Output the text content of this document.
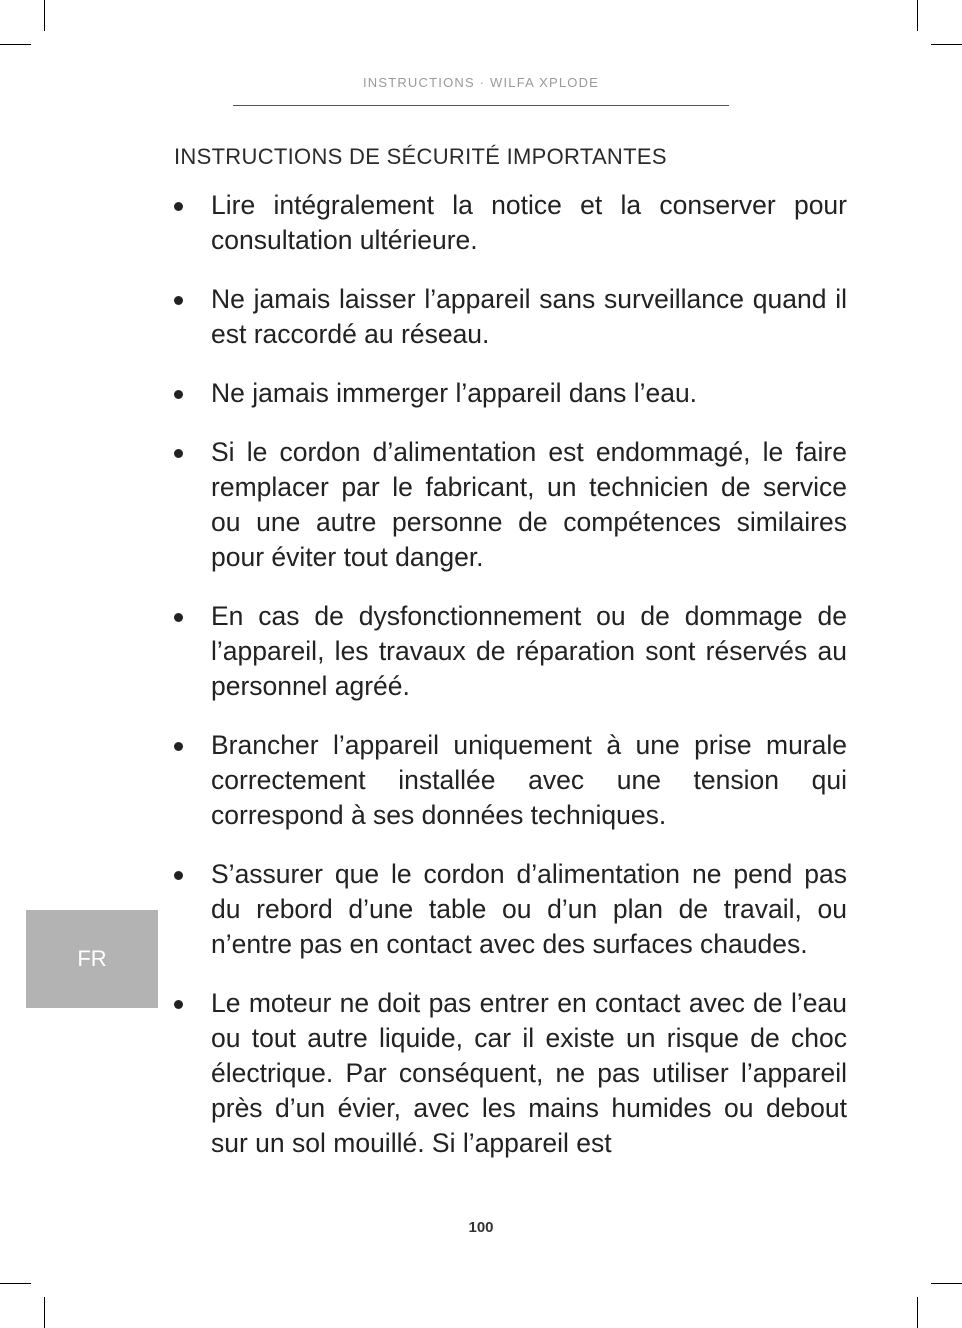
INSTRUCTIONS · WILFA XPLODE
INSTRUCTIONS DE SÉCURITÉ IMPORTANTES
Lire intégralement la notice et la conserver pour consultation ultérieure.
Ne jamais laisser l’appareil sans surveillance quand il est raccordé au réseau.
Ne jamais immerger l’appareil dans l’eau.
Si le cordon d’alimentation est endommagé, le faire remplacer par le fabricant, un technicien de service ou une autre personne de compétences similaires pour éviter tout danger.
En cas de dysfonctionnement ou de dommage de l’appareil, les travaux de réparation sont réservés au personnel agréé.
Brancher l’appareil uniquement à une prise murale correctement installée avec une tension qui correspond à ses données techniques.
S’assurer que le cordon d’alimentation ne pend pas du rebord d’une table ou d’un plan de travail, ou n’entre pas en contact avec des surfaces chaudes.
Le moteur ne doit pas entrer en contact avec de l’eau ou tout autre liquide, car il existe un risque de choc électrique. Par conséquent, ne pas utiliser l’appareil près d’un évier, avec les mains humides ou debout sur un sol mouillé. Si l’appareil est
FR
100
